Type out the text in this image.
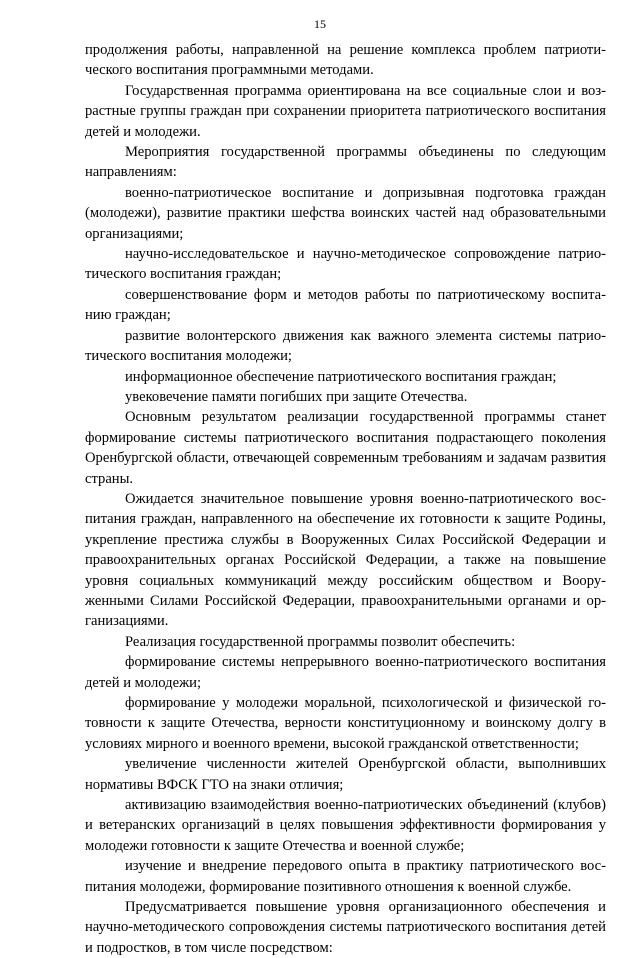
15

продолжения работы, направленной на решение комплекса проблем патриотического воспитания программными методами.

Государственная программа ориентирована на все социальные слои и возрастные группы граждан при сохранении приоритета патриотического воспитания детей и молодежи.

Мероприятия государственной программы объединены по следующим направлениям:

военно-патриотическое воспитание и допризывная подготовка граждан (молодежи), развитие практики шефства воинских частей над образовательными организациями;

научно-исследовательское и научно-методическое сопровождение патриотического воспитания граждан;

совершенствование форм и методов работы по патриотическому воспитанию граждан;

развитие волонтерского движения как важного элемента системы патриотического воспитания молодежи;

информационное обеспечение патриотического воспитания граждан;

увековечение памяти погибших при защите Отечества.

Основным результатом реализации государственной программы станет формирование системы патриотического воспитания подрастающего поколения Оренбургской области, отвечающей современным требованиям и задачам развития страны.

Ожидается значительное повышение уровня военно-патриотического воспитания граждан, направленного на обеспечение их готовности к защите Родины, укрепление престижа службы в Вооруженных Силах Российской Федерации и правоохранительных органах Российской Федерации, а также на повышение уровня социальных коммуникаций между российским обществом и Вооруженными Силами Российской Федерации, правоохранительными органами и организациями.

Реализация государственной программы позволит обеспечить:

формирование системы непрерывного военно-патриотического воспитания детей и молодежи;

формирование у молодежи моральной, психологической и физической готовности к защите Отечества, верности конституционному и воинскому долгу в условиях мирного и военного времени, высокой гражданской ответственности;

увеличение численности жителей Оренбургской области, выполнивших нормативы ВФСК ГТО на знаки отличия;

активизацию взаимодействия военно-патриотических объединений (клубов) и ветеранских организаций в целях повышения эффективности формирования у молодежи готовности к защите Отечества и военной службе;

изучение и внедрение передового опыта в практику патриотического воспитания молодежи, формирование позитивного отношения к военной службе.

Предусматривается повышение уровня организационного обеспечения и научно-методического сопровождения системы патриотического воспитания детей и подростков, в том числе посредством:
